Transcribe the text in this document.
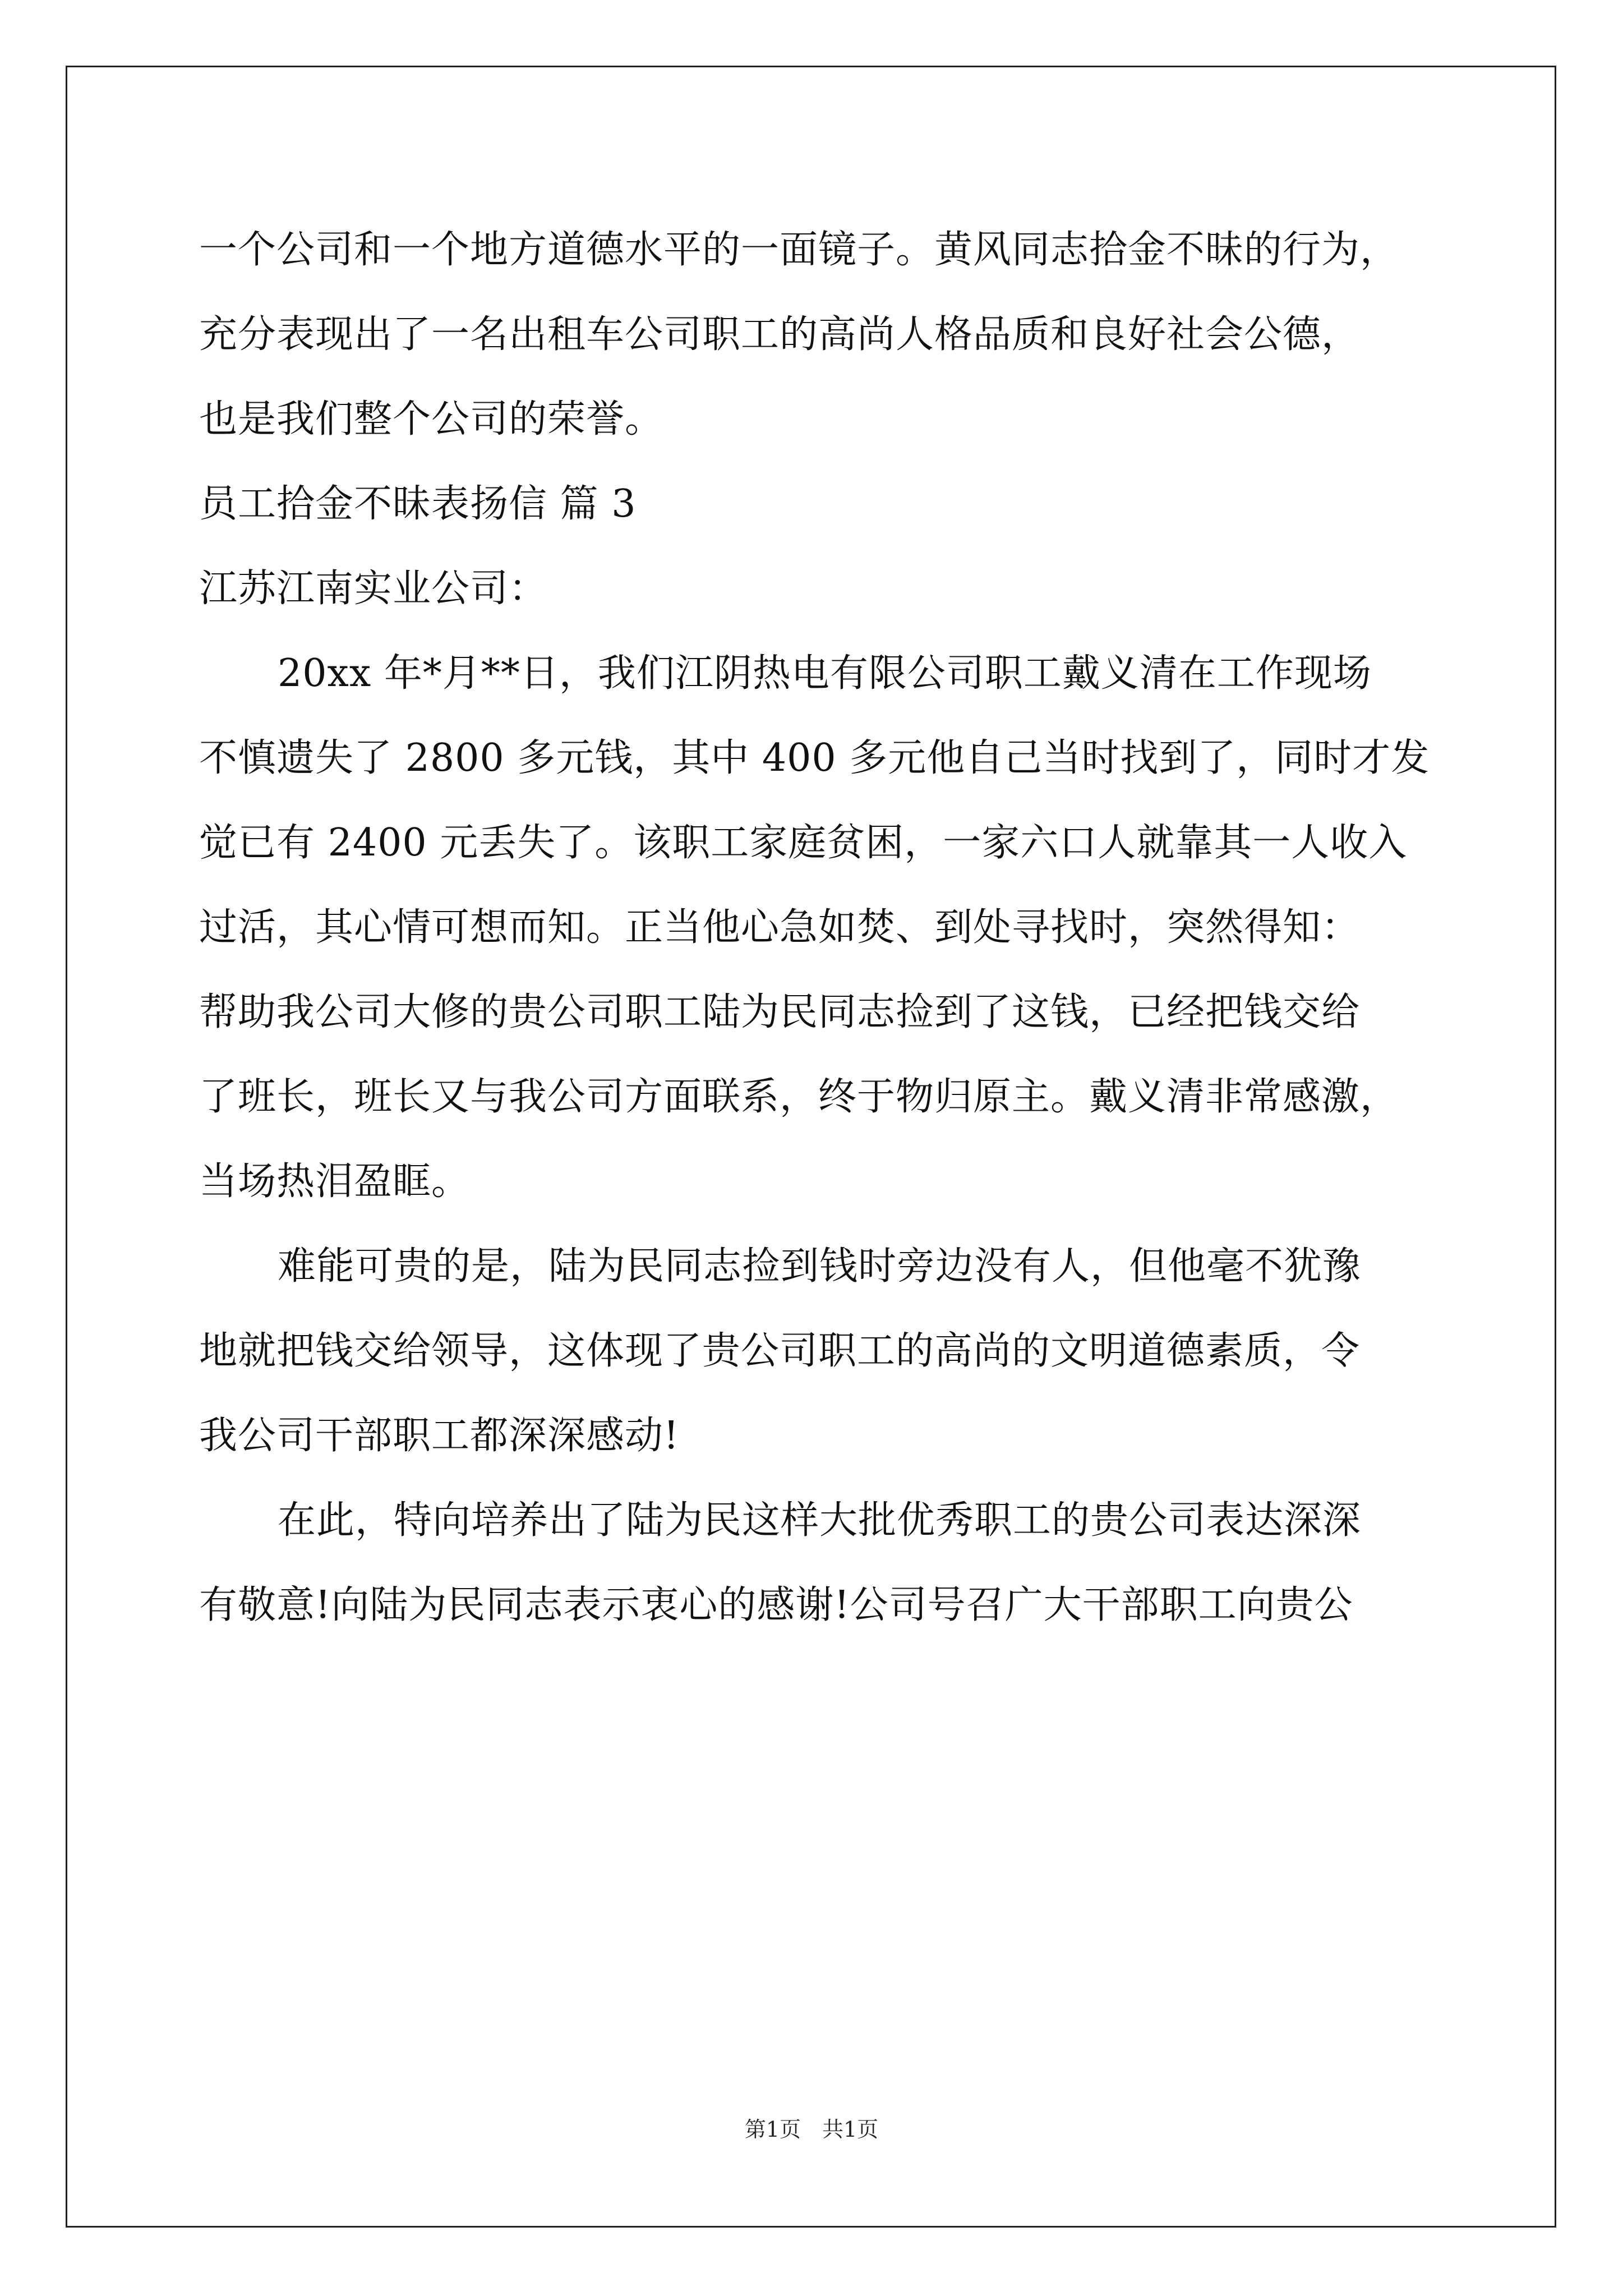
一个公司和一个地方道德水平的一面镜子。黄风同志拾金不昧的行为，
充分表现出了一名出租车公司职工的高尚人格品质和良好社会公德，
也是我们整个公司的荣誉。
员工拾金不昧表扬信 篇 3
江苏江南实业公司：
20xx 年*月**日，我们江阴热电有限公司职工戴义清在工作现场
不慎遗失了 2800 多元钱，其中 400 多元他自己当时找到了，同时才发
觉已有 2400 元丢失了。该职工家庭贫困，一家六口人就靠其一人收入
过活，其心情可想而知。正当他心急如焚、到处寻找时，突然得知：
帮助我公司大修的贵公司职工陆为民同志捡到了这钱，已经把钱交给
了班长，班长又与我公司方面联系，终于物归原主。戴义清非常感激，
当场热泪盈眶。
难能可贵的是，陆为民同志捡到钱时旁边没有人，但他毫不犹豫
地就把钱交给领导，这体现了贵公司职工的高尚的文明道德素质，令
我公司干部职工都深深感动!
在此，特向培养出了陆为民这样大批优秀职工的贵公司表达深深
有敬意!向陆为民同志表示衷心的感谢!公司号召广大干部职工向贵公
第1页　共1页
